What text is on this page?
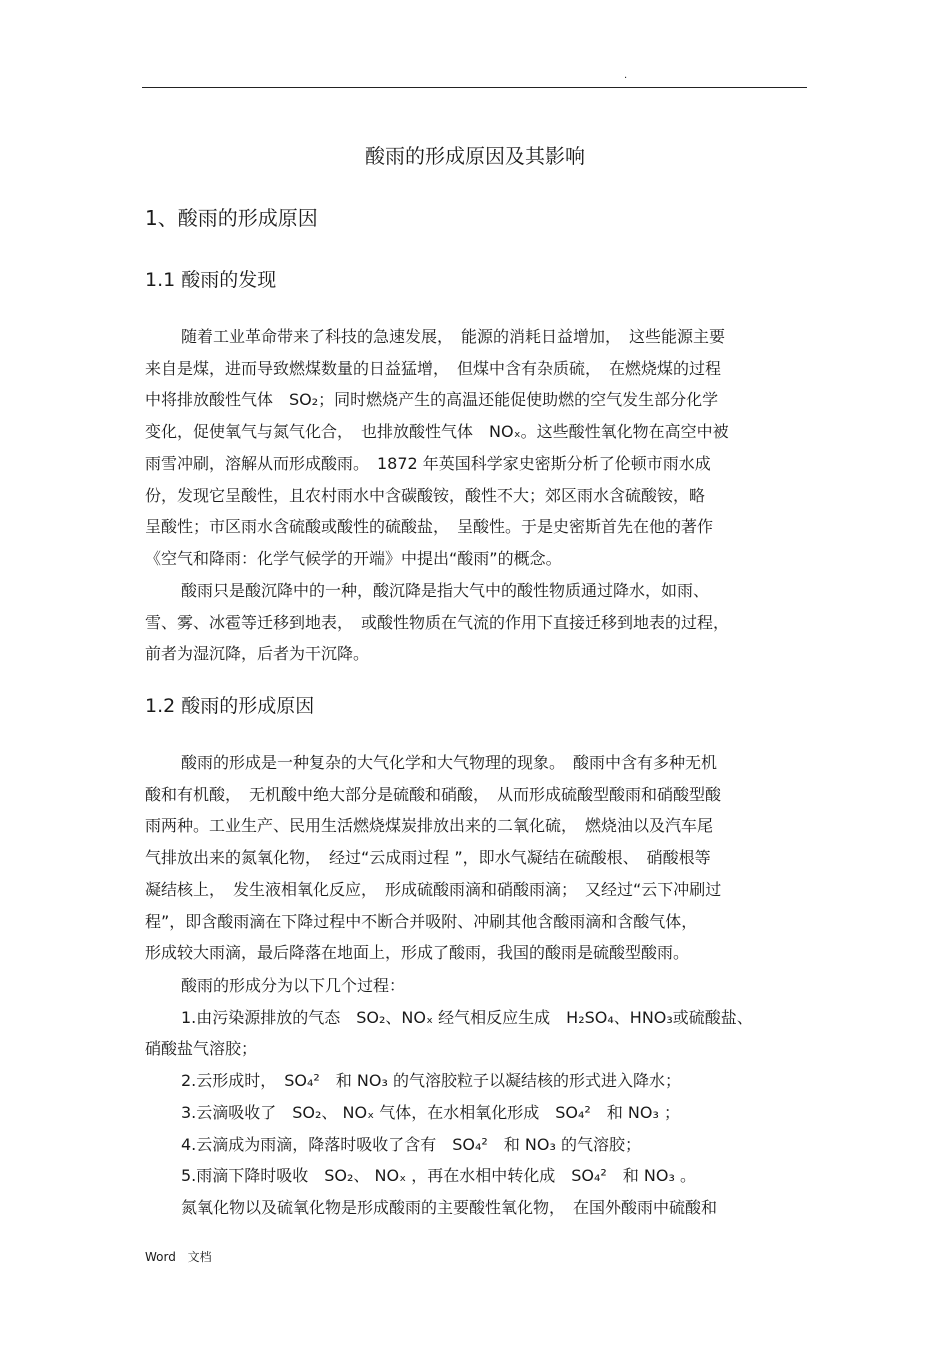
.
酸雨的形成原因及其影响
1、酸雨的形成原因
1.1 酸雨的发现
随着工业革命带来了科技的急速发展，　能源的消耗日益增加，　这些能源主要
来自是煤，进而导致燃煤数量的日益猛增，　但煤中含有杂质硫，　在燃烧煤的过程
中将排放酸性气体　SO₂；同时燃烧产生的高温还能促使助燃的空气发生部分化学
变化，促使氧气与氮气化合，　也排放酸性气体　NOₓ。这些酸性氧化物在高空中被
雨雪冲刷，溶解从而形成酸雨。　1872 年英国科学家史密斯分析了伦顿市雨水成
份，发现它呈酸性，且农村雨水中含碳酸铵，酸性不大；郊区雨水含硫酸铵，略
呈酸性；市区雨水含硫酸或酸性的硫酸盐，　呈酸性。于是史密斯首先在他的著作
《空气和降雨：化学气候学的开端》中提出“酸雨”的概念。
酸雨只是酸沉降中的一种，酸沉降是指大气中的酸性物质通过降水，如雨、
雪、雾、冰雹等迁移到地表，　或酸性物质在气流的作用下直接迁移到地表的过程，
前者为湿沉降，后者为干沉降。
1.2 酸雨的形成原因
酸雨的形成是一种复杂的大气化学和大气物理的现象。　酸雨中含有多种无机
酸和有机酸，　无机酸中绝大部分是硫酸和硝酸，　从而形成硫酸型酸雨和硝酸型酸
雨两种。工业生产、民用生活燃烧煤炭排放出来的二氧化硫，　燃烧油以及汽车尾
气排放出来的氮氧化物，　经过“云成雨过程 ”，即水气凝结在硫酸根、　硝酸根等
凝结核上，　发生液相氧化反应，　形成硫酸雨滴和硝酸雨滴；　又经过“云下冲刷过
程”，即含酸雨滴在下降过程中不断合并吸附、冲刷其他含酸雨滴和含酸气体，
形成较大雨滴，最后降落在地面上，形成了酸雨，我国的酸雨是硫酸型酸雨。
酸雨的形成分为以下几个过程：
1.由污染源排放的气态　SO₂、NOₓ 经气相反应生成　H₂SO₄、HNO₃或硫酸盐、
硝酸盐气溶胶；
2.云形成时，　SO₄²　和 NO₃ 的气溶胶粒子以凝结核的形式进入降水；
3.云滴吸收了　SO₂、 NOₓ 气体，在水相氧化形成　SO₄²　和 NO₃ ；
4.云滴成为雨滴，降落时吸收了含有　SO₄²　和 NO₃ 的气溶胶；
5.雨滴下降时吸收　SO₂、 NOₓ ，再在水相中转化成　SO₄²　和 NO₃ 。
氮氧化物以及硫氧化物是形成酸雨的主要酸性氧化物，　在国外酸雨中硫酸和
Word 文档
